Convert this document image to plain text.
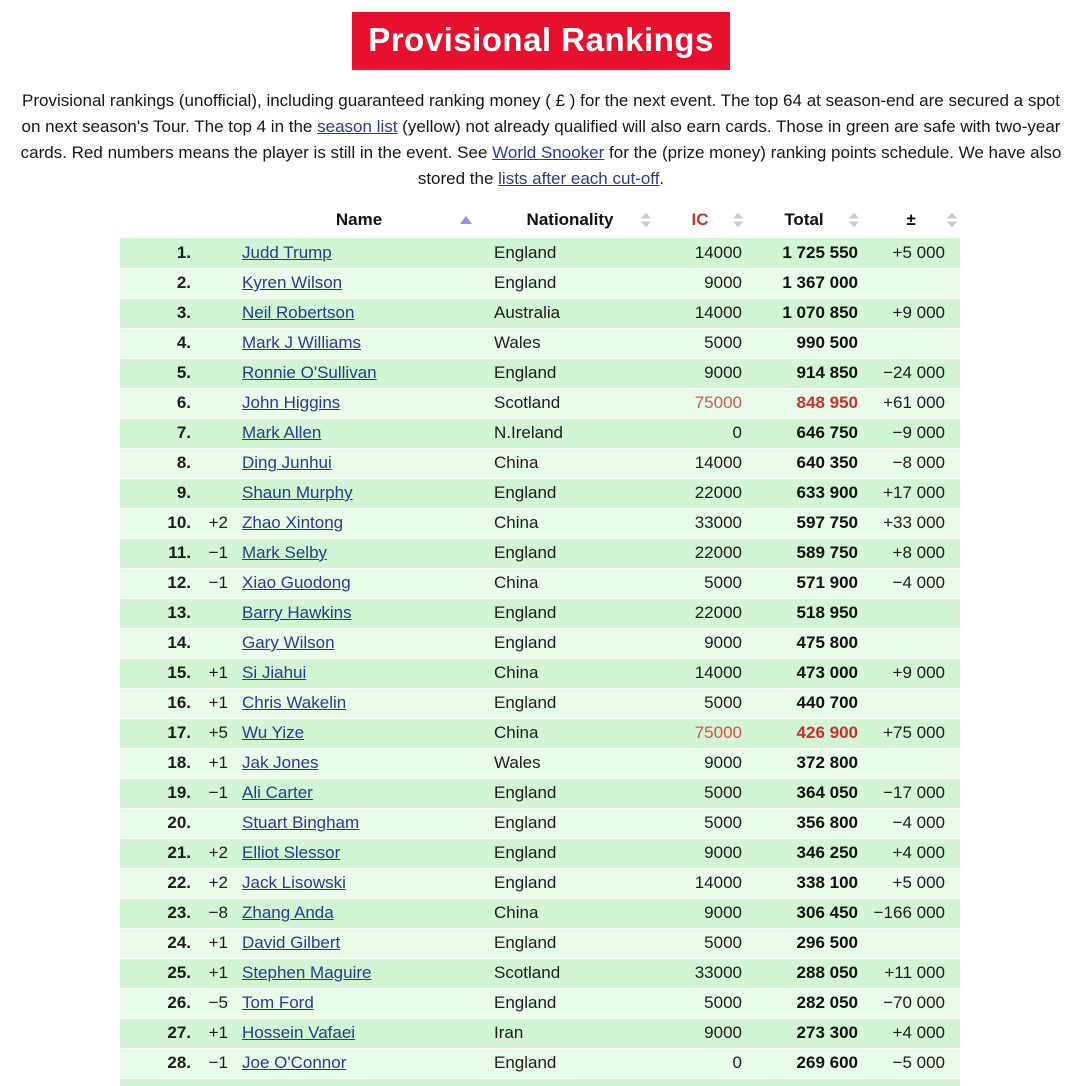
Provisional Rankings

Provisional rankings (unofficial), including guaranteed ranking money ( £ ) for the next event. The top 64 at season-end are secured a spot on next season's Tour. The top 4 in the season list (yellow) not already qualified will also earn cards. Those in green are safe with two-year cards. Red numbers means the player is still in the event. See World Snooker for the (prize money) ranking points schedule. We have also stored the lists after each cut-off.

		Name	Nationality	IC	Total	±

1.		Judd Trump	England	14000	1 725 550	+5 000
2.		Kyren Wilson	England	9000	1 367 000	
3.		Neil Robertson	Australia	14000	1 070 850	+9 000
4.		Mark J Williams	Wales	5000	990 500	
5.		Ronnie O'Sullivan	England	9000	914 850	−24 000
6.		John Higgins	Scotland	75000	848 950	+61 000
7.		Mark Allen	N.Ireland	0	646 750	−9 000
8.		Ding Junhui	China	14000	640 350	−8 000
9.		Shaun Murphy	England	22000	633 900	+17 000
10.	+2	Zhao Xintong	China	33000	597 750	+33 000
11.	−1	Mark Selby	England	22000	589 750	+8 000
12.	−1	Xiao Guodong	China	5000	571 900	−4 000
13.		Barry Hawkins	England	22000	518 950	
14.		Gary Wilson	England	9000	475 800	
15.	+1	Si Jiahui	China	14000	473 000	+9 000
16.	+1	Chris Wakelin	England	5000	440 700	
17.	+5	Wu Yize	China	75000	426 900	+75 000
18.	+1	Jak Jones	Wales	9000	372 800	
19.	−1	Ali Carter	England	5000	364 050	−17 000
20.		Stuart Bingham	England	5000	356 800	−4 000
21.	+2	Elliot Slessor	England	9000	346 250	+4 000
22.	+2	Jack Lisowski	England	14000	338 100	+5 000
23.	−8	Zhang Anda	China	9000	306 450	−166 000
24.	+1	David Gilbert	England	5000	296 500	
25.	+1	Stephen Maguire	Scotland	33000	288 050	+11 000
26.	−5	Tom Ford	England	5000	282 050	−70 000
27.	+1	Hossein Vafaei	Iran	9000	273 300	+4 000
28.	−1	Joe O'Connor	England	0	269 600	−5 000
